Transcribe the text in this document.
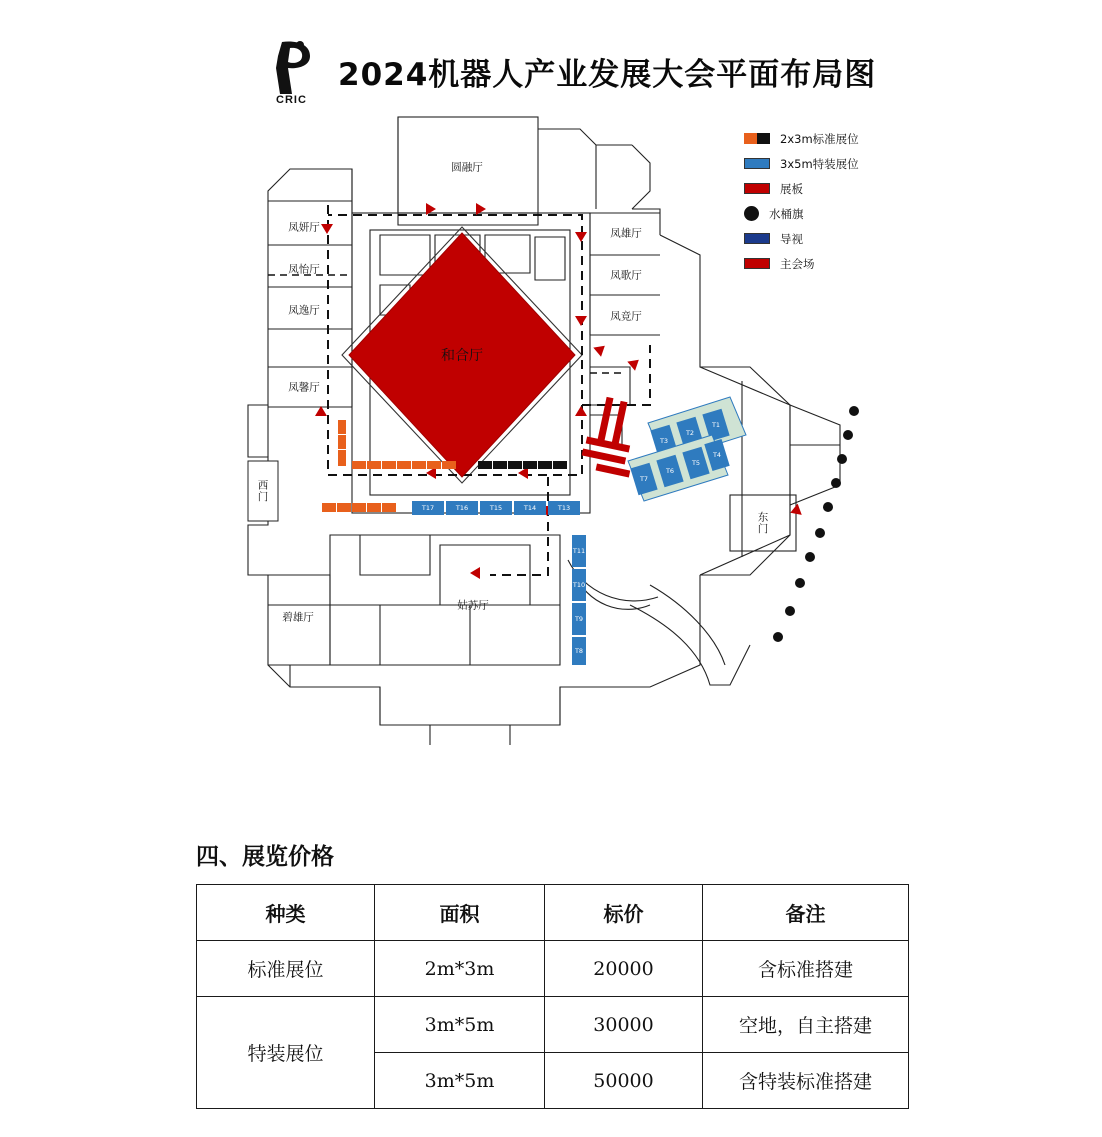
CRIC
2024机器人产业发展大会平面布局图
2x3m标准展位
3x5m特装展位
展板
水桶旗
导视
主会场
圆融厅
凤妍厅
凤怡厅
凤逸厅
凤馨厅
凤雄厅
凤歌厅
凤竞厅
和合厅
姑苏厅
碧雄厅
西门
东门
T3
T2
T1
T7
T6
T5
T4
T11
T10
T9
T8
T17	T16	T15	T14	T13
四、展览价格
种类	面积	标价	备注
标准展位	2m*3m	20000	含标准搭建
特装展位	3m*5m	30000	空地，自主搭建
	3m*5m	50000	含特装标准搭建
